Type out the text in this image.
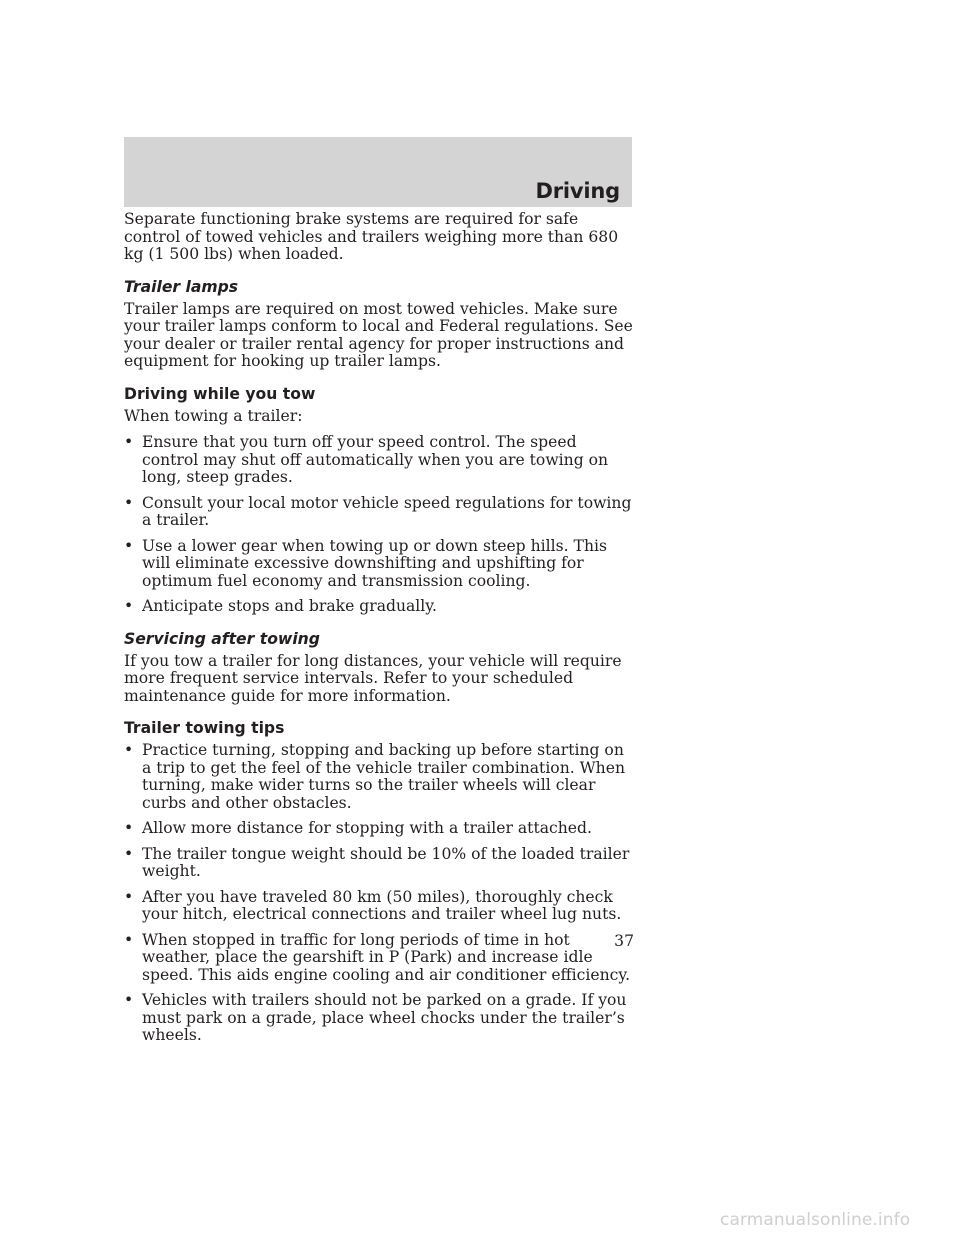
Driving

Separate functioning brake systems are required for safe control of towed vehicles and trailers weighing more than 680 kg (1 500 lbs) when loaded.

Trailer lamps

Trailer lamps are required on most towed vehicles. Make sure your trailer lamps conform to local and Federal regulations. See your dealer or trailer rental agency for proper instructions and equipment for hooking up trailer lamps.

Driving while you tow

When towing a trailer:

• Ensure that you turn off your speed control. The speed control may shut off automatically when you are towing on long, steep grades.
• Consult your local motor vehicle speed regulations for towing a trailer.
• Use a lower gear when towing up or down steep hills. This will eliminate excessive downshifting and upshifting for optimum fuel economy and transmission cooling.
• Anticipate stops and brake gradually.
Servicing after towing

If you tow a trailer for long distances, your vehicle will require more frequent service intervals. Refer to your scheduled maintenance guide for more information.

Trailer towing tips
• Practice turning, stopping and backing up before starting on a trip to get the feel of the vehicle trailer combination. When turning, make wider turns so the trailer wheels will clear curbs and other obstacles.
• Allow more distance for stopping with a trailer attached.
• The trailer tongue weight should be 10% of the loaded trailer weight.
• After you have traveled 80 km (50 miles), thoroughly check your hitch, electrical connections and trailer wheel lug nuts.
• When stopped in traffic for long periods of time in hot weather, place the gearshift in P (Park) and increase idle speed. This aids engine cooling and air conditioner efficiency.
• Vehicles with trailers should not be parked on a grade. If you must park on a grade, place wheel chocks under the trailer’s wheels.
37
carmanualsonline.info
